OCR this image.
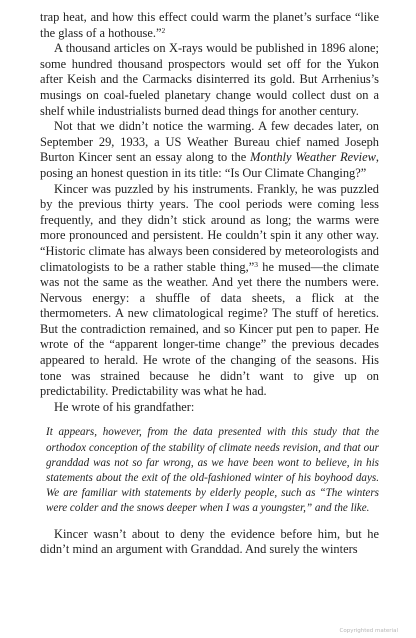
trap heat, and how this effect could warm the planet’s surface “like the glass of a hothouse.”$^2$

A thousand articles on X-rays would be published in 1896 alone; some hundred thousand prospectors would set off for the Yukon after Keish and the Carmacks disinterred its gold. But Arrhenius’s musings on coal-fueled planetary change would collect dust on a shelf while industrialists burned dead things for another century.

Not that we didn’t notice the warming. A few decades later, on September 29, 1933, a US Weather Bureau chief named Joseph Burton Kincer sent an essay along to the Monthly Weather Review, posing an honest question in its title: “Is Our Climate Changing?”

Kincer was puzzled by his instruments. Frankly, he was puzzled by the previous thirty years. The cool periods were coming less frequently, and they didn’t stick around as long; the warms were more pronounced and persistent. He couldn’t spin it any other way. “Historic climate has always been considered by meteorologists and climatologists to be a rather stable thing,”$^3$ he mused—the climate was not the same as the weather. And yet there the numbers were. Nervous energy: a shuffle of data sheets, a flick at the thermometers. A new climatological regime? The stuff of heretics. But the contradiction remained, and so Kincer put pen to paper. He wrote of the “apparent longer-time change” the previous decades appeared to herald. He wrote of the changing of the seasons. His tone was strained because he didn’t want to give up on predictability. Predictability was what he had.

He wrote of his grandfather:

It appears, however, from the data presented with this study that the orthodox conception of the stability of climate needs revision, and that our granddad was not so far wrong, as we have been wont to believe, in his statements about the exit of the old-fashioned winter of his boyhood days. We are familiar with statements by elderly people, such as “The winters were colder and the snows deeper when I was a youngster,” and the like.

Kincer wasn’t about to deny the evidence before him, but he didn’t mind an argument with Granddad. And surely the winters

Copyrighted material
